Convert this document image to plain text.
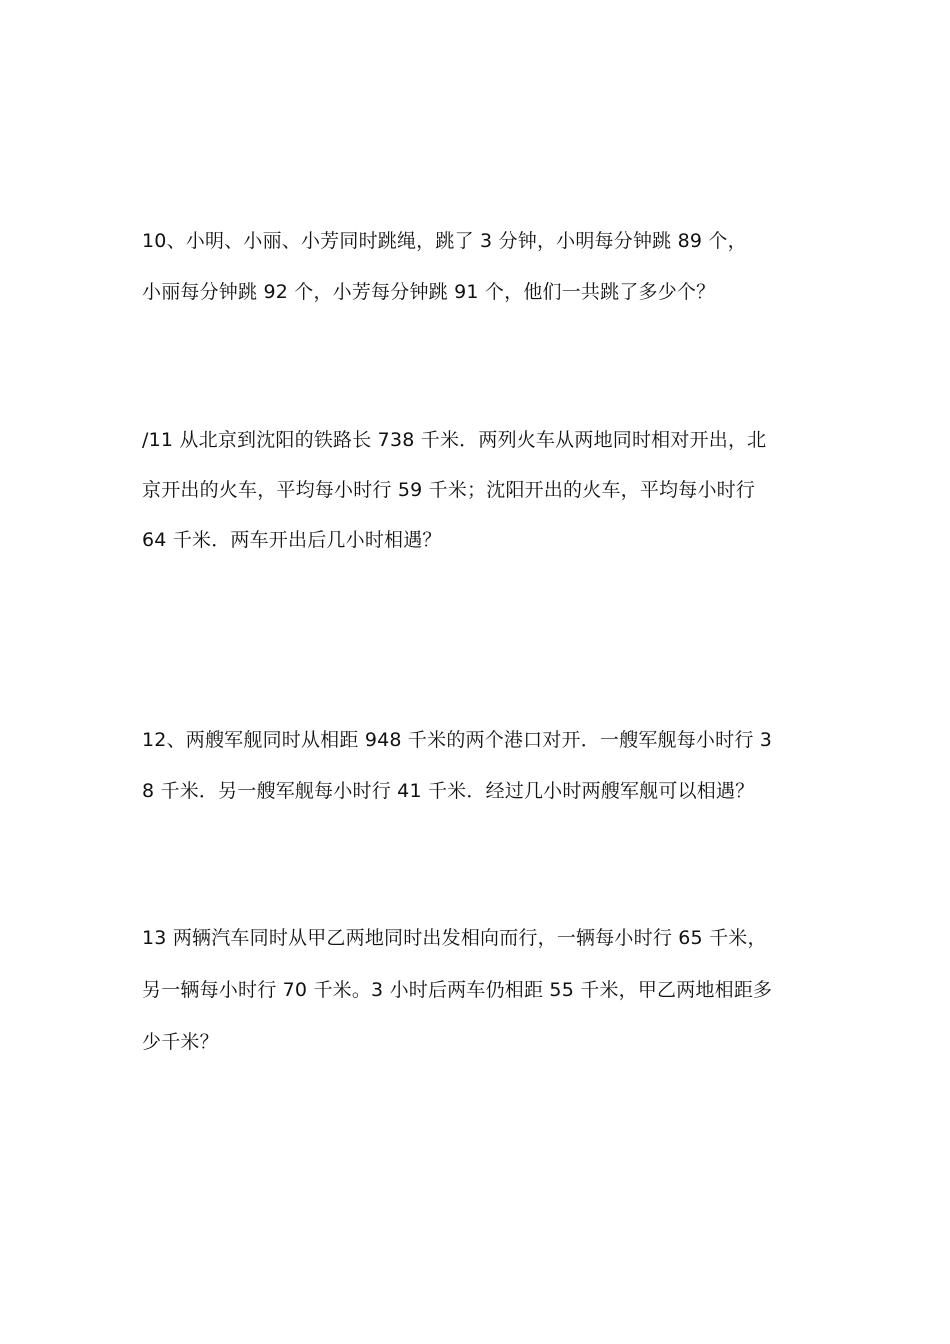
10、小明、小丽、小芳同时跳绳，跳了 3 分钟，小明每分钟跳 89 个，
小丽每分钟跳 92 个，小芳每分钟跳 91 个，他们一共跳了多少个？
/11 从北京到沈阳的铁路长 738 千米．两列火车从两地同时相对开出，北
京开出的火车，平均每小时行 59 千米；沈阳开出的火车，平均每小时行
64 千米．两车开出后几小时相遇？
12、两艘军舰同时从相距 948 千米的两个港口对开．一艘军舰每小时行 3
8 千米．另一艘军舰每小时行 41 千米．经过几小时两艘军舰可以相遇？
13 两辆汽车同时从甲乙两地同时出发相向而行，一辆每小时行 65 千米，
另一辆每小时行 70 千米。3 小时后两车仍相距 55 千米，甲乙两地相距多
少千米？
